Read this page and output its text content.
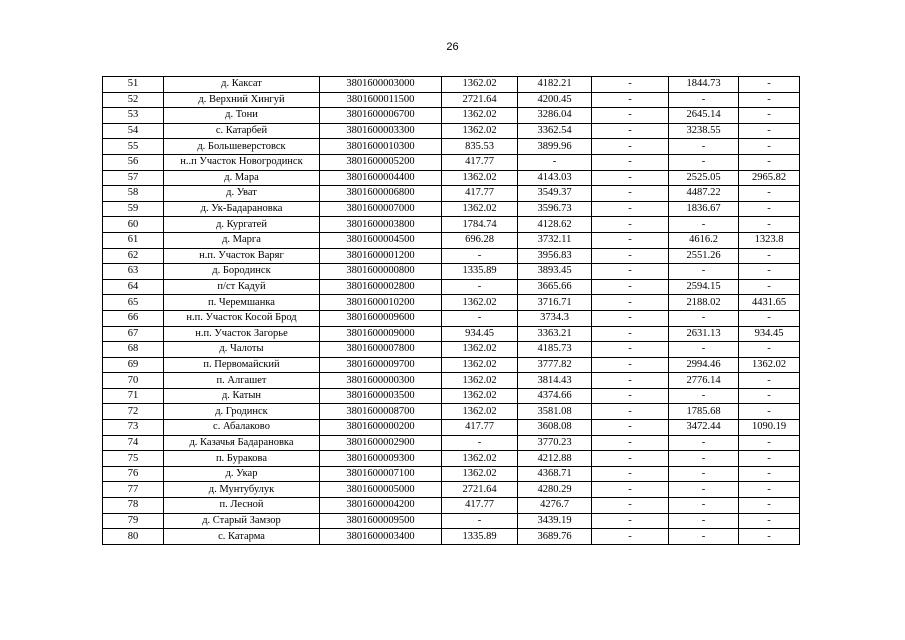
26
51	д. Каксат	3801600003000	1362.02	4182.21	-	1844.73	-
52	д. Верхний Хингуй	3801600011500	2721.64	4200.45	-	-	-
53	д. Тони	3801600006700	1362.02	3286.04	-	2645.14	-
54	с. Катарбей	3801600003300	1362.02	3362.54	-	3238.55	-
55	д. Большеверстовск	3801600010300	835.53	3899.96	-	-	-
56	н..п Участок Новогродинск	3801600005200	417.77	-	-	-	-
57	д. Мара	3801600004400	1362.02	4143.03	-	2525.05	2965.82
58	д. Уват	3801600006800	417.77	3549.37	-	4487.22	-
59	д. Ук-Бадарановка	3801600007000	1362.02	3596.73	-	1836.67	-
60	д. Кургатей	3801600003800	1784.74	4128.62	-	-	-
61	д. Марга	3801600004500	696.28	3732.11	-	4616.2	1323.8
62	н.п. Участок Варяг	3801600001200	-	3956.83	-	2551.26	-
63	д. Бородинск	3801600000800	1335.89	3893.45	-	-	-
64	п/ст Кадуй	3801600002800	-	3665.66	-	2594.15	-
65	п. Черемшанка	3801600010200	1362.02	3716.71	-	2188.02	4431.65
66	н.п. Участок Косой Брод	3801600009600	-	3734.3	-	-	-
67	н.п. Участок Загорье	3801600009000	934.45	3363.21	-	2631.13	934.45
68	д. Чалоты	3801600007800	1362.02	4185.73	-	-	-
69	п. Первомайский	3801600009700	1362.02	3777.82	-	2994.46	1362.02
70	п. Алгашет	3801600000300	1362.02	3814.43	-	2776.14	-
71	д. Катын	3801600003500	1362.02	4374.66	-	-	-
72	д. Гродинск	3801600008700	1362.02	3581.08	-	1785.68	-
73	с. Абалаково	3801600000200	417.77	3608.08	-	3472.44	1090.19
74	д. Казачья Бадарановка	3801600002900	-	3770.23	-	-	-
75	п. Буракова	3801600009300	1362.02	4212.88	-	-	-
76	д. Укар	3801600007100	1362.02	4368.71	-	-	-
77	д. Мунтубулук	3801600005000	2721.64	4280.29	-	-	-
78	п. Лесной	3801600004200	417.77	4276.7	-	-	-
79	д. Старый Замзор	3801600009500	-	3439.19	-	-	-
80	с. Катарма	3801600003400	1335.89	3689.76	-	-	-
